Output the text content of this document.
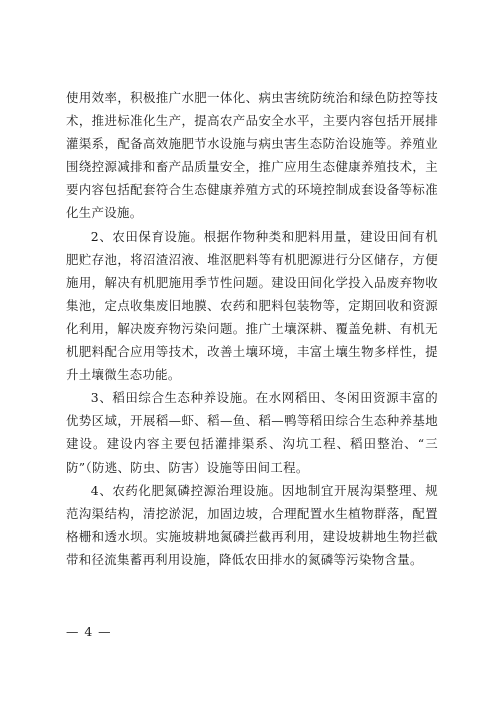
使用效率，积极推广水肥一体化、病虫害统防统治和绿色防控等技术，推进标准化生产，提高农产品安全水平，主要内容包括开展排灌渠系，配备高效施肥节水设施与病虫害生态防治设施等。养殖业围绕控源减排和畜产品质量安全，推广应用生态健康养殖技术，主要内容包括配套符合生态健康养殖方式的环境控制成套设备等标准化生产设施。

2、农田保育设施。根据作物种类和肥料用量，建设田间有机肥贮存池，将沼渣沼液、堆沤肥料等有机肥源进行分区储存，方便施用，解决有机肥施用季节性问题。建设田间化学投入品废弃物收集池，定点收集废旧地膜、农药和肥料包装物等，定期回收和资源化利用，解决废弃物污染问题。推广土壤深耕、覆盖免耕、有机无机肥料配合应用等技术，改善土壤环境，丰富土壤生物多样性，提升土壤微生态功能。

3、稻田综合生态种养设施。在水网稻田、冬闲田资源丰富的优势区域，开展稻—虾、稻—鱼、稻—鸭等稻田综合生态种养基地建设。建设内容主要包括灌排渠系、沟坑工程、稻田整治、“三防”（防逃、防虫、防害）设施等田间工程。

4、农药化肥氮磷控源治理设施。因地制宜开展沟渠整理、规范沟渠结构，清挖淤泥，加固边坡，合理配置水生植物群落，配置格栅和透水坝。实施坡耕地氮磷拦截再利用，建设坡耕地生物拦截带和径流集蓄再利用设施，降低农田排水的氮磷等污染物含量。

— 4 —
